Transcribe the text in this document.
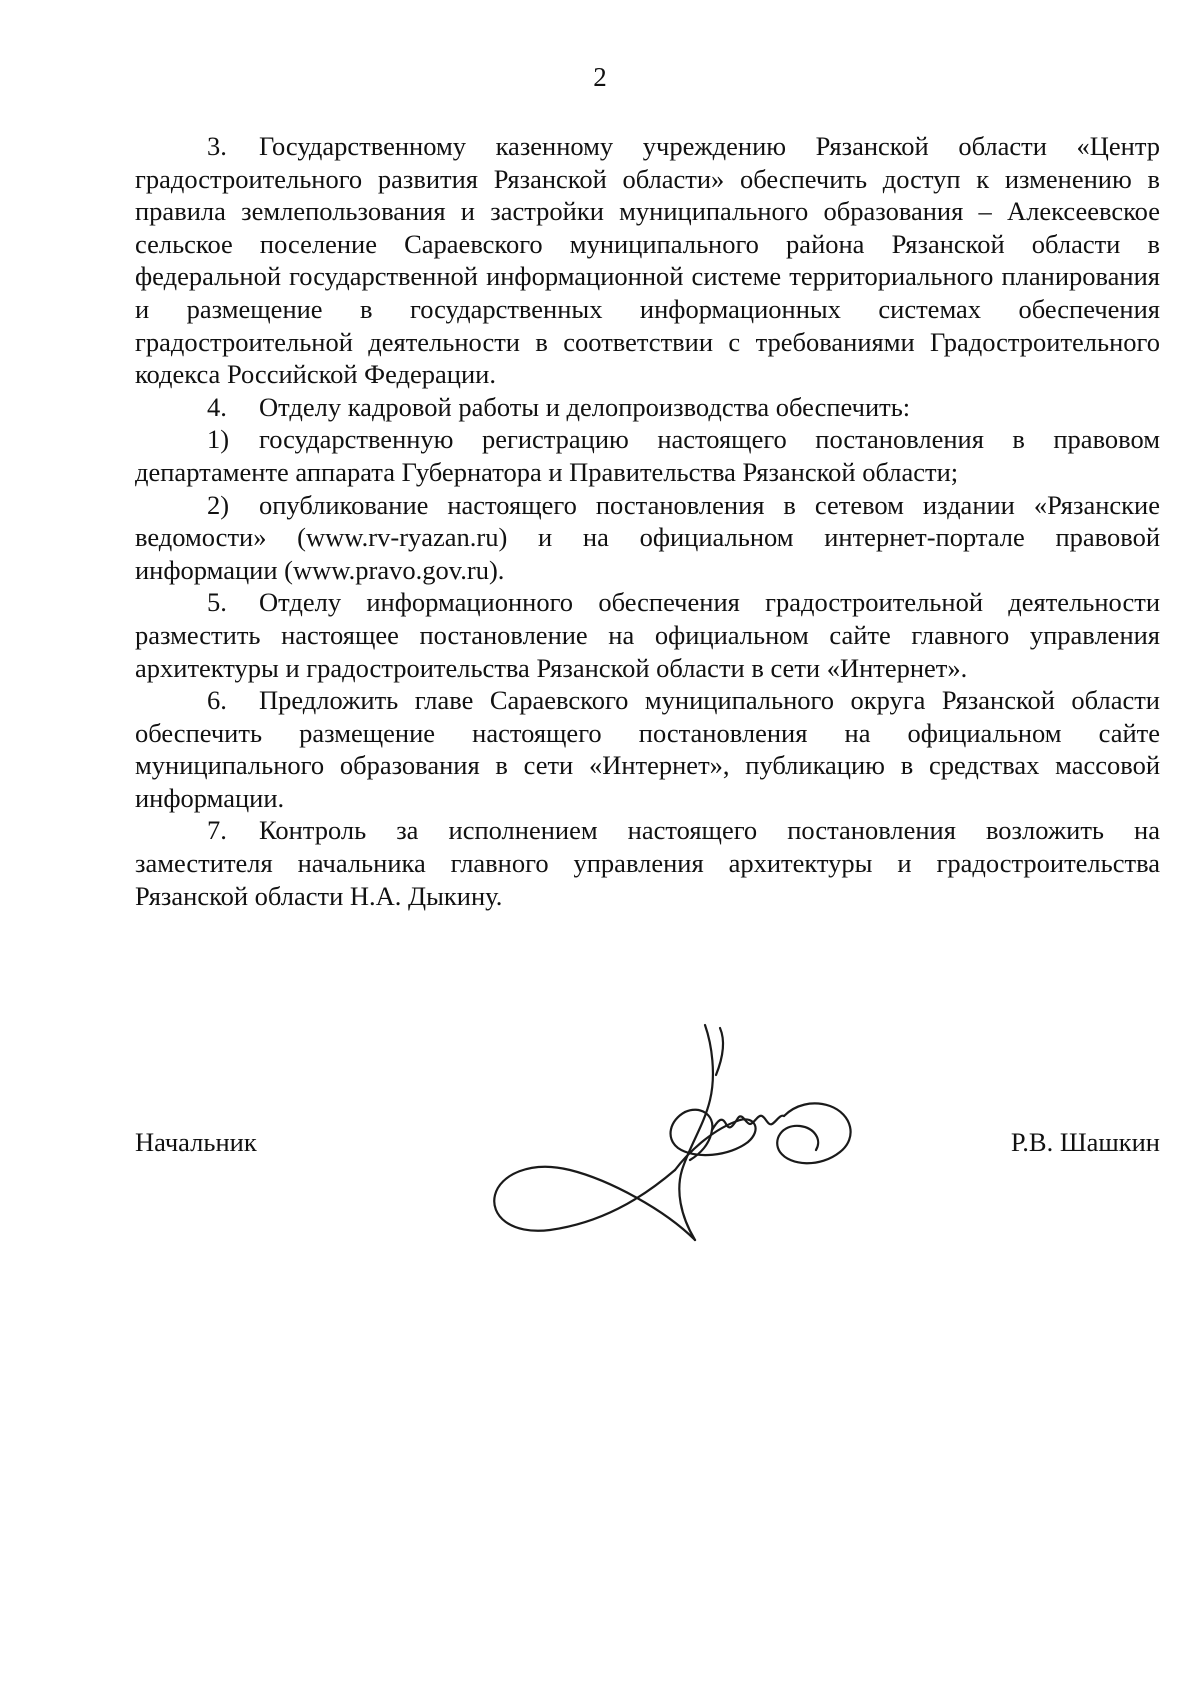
2

3. Государственному казенному учреждению Рязанской области «Центр градостроительного развития Рязанской области» обеспечить доступ к изменению в правила землепользования и застройки муниципального образования – Алексеевское сельское поселение Сараевского муниципального района Рязанской области в федеральной государственной информационной системе территориального планирования и размещение в государственных информационных системах обеспечения градостроительной деятельности в соответствии с требованиями Градостроительного кодекса Российской Федерации.

4. Отделу кадровой работы и делопроизводства обеспечить:

1) государственную регистрацию настоящего постановления в правовом департаменте аппарата Губернатора и Правительства Рязанской области;

2) опубликование настоящего постановления в сетевом издании «Рязанские ведомости» (www.rv-ryazan.ru) и на официальном интернет-портале правовой информации (www.pravo.gov.ru).

5. Отделу информационного обеспечения градостроительной деятельности разместить настоящее постановление на официальном сайте главного управления архитектуры и градостроительства Рязанской области в сети «Интернет».

6. Предложить главе Сараевского муниципального округа Рязанской области обеспечить размещение настоящего постановления на официальном сайте муниципального образования в сети «Интернет», публикацию в средствах массовой информации.

7. Контроль за исполнением настоящего постановления возложить на заместителя начальника главного управления архитектуры и градостроительства Рязанской области Н.А. Дыкину.

Начальник	Р.В. Шашкин
